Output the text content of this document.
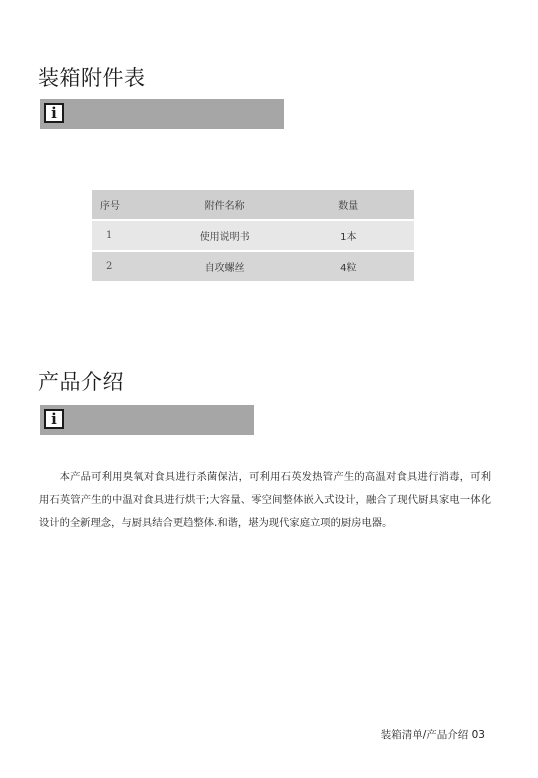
装箱附件表
i
序号	附件名称	数量
1	使用说明书	1本
2	自攻螺丝	4粒
产品介绍
i

本产品可利用臭氧对食具进行杀菌保洁，可利用石英发热管产生的高温对食具进行消毒，可利用石英管产生的中温对食具进行烘干;大容量、零空间整体嵌入式设计，融合了现代厨具家电一体化设计的全新理念，与厨具结合更趋整体.和谐，堪为现代家庭立项的厨房电器。

装箱清单/产品介绍 03
